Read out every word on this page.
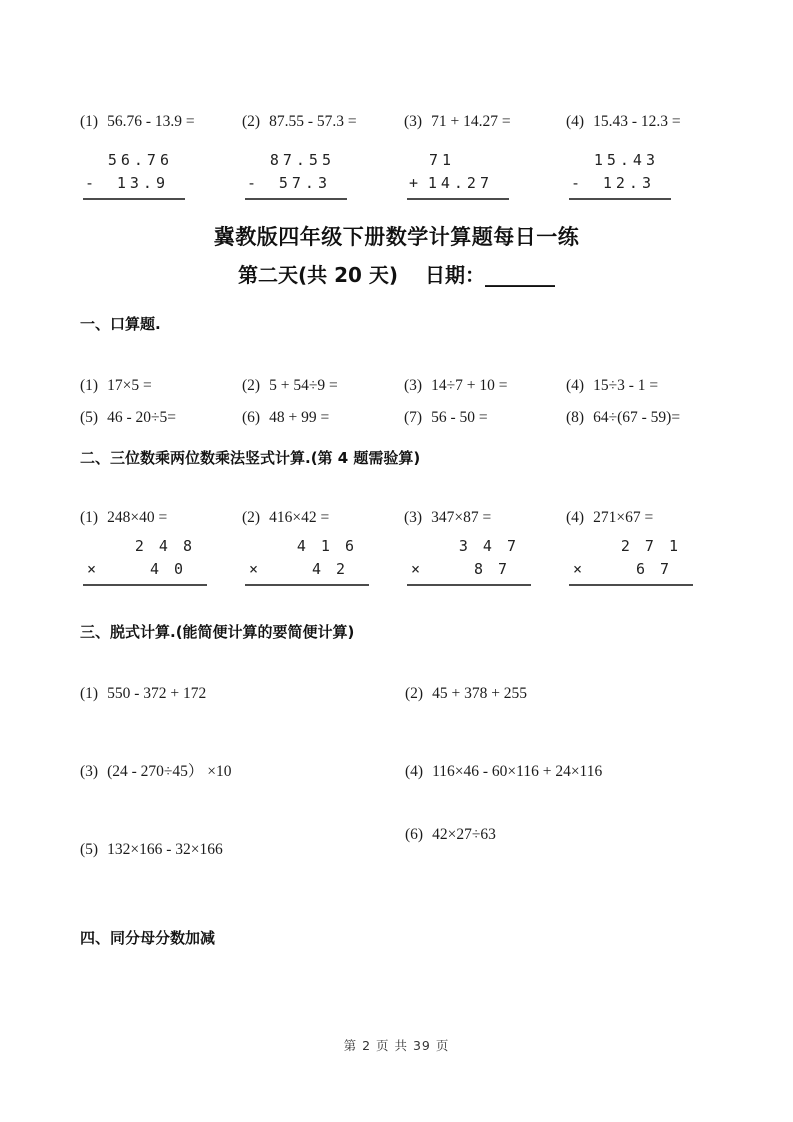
(1) 56.76 - 13.9 =	(2) 87.55 - 57.3 =	(3) 71 + 14.27 =	(4) 15.43 - 12.3 =
56.76
- 13.9
87.55
- 57.3
71
+ 14.27
15.43
- 12.3
冀教版四年级下册数学计算题每日一练
第二天(共 20 天)　 日期：_______
一、口算题.
(1) 17×5 =	(2) 5 + 54÷9 =	(3) 14÷7 + 10 =	(4) 15÷3 - 1 =
(5) 46 - 20÷5=	(6) 48 + 99 =	(7) 56 - 50 =	(8) 64÷(67 - 59)=
二、三位数乘两位数乘法竖式计算.(第 4 题需验算)
(1) 248×40 =	(2) 416×42 =	(3) 347×87 =	(4) 271×67 =
248
×	40
416
×	42
347
×	87
271
×	67
三、脱式计算.(能简便计算的要简便计算)
(1) 550 - 372 + 172	(2) 45 + 378 + 255
(3) (24 - 270÷45） ×10	(4) 116×46 - 60×116 + 24×116
(5) 132×166 - 32×166
(6) 42×27÷63
四、同分母分数加减
第 2 页 共 39 页
